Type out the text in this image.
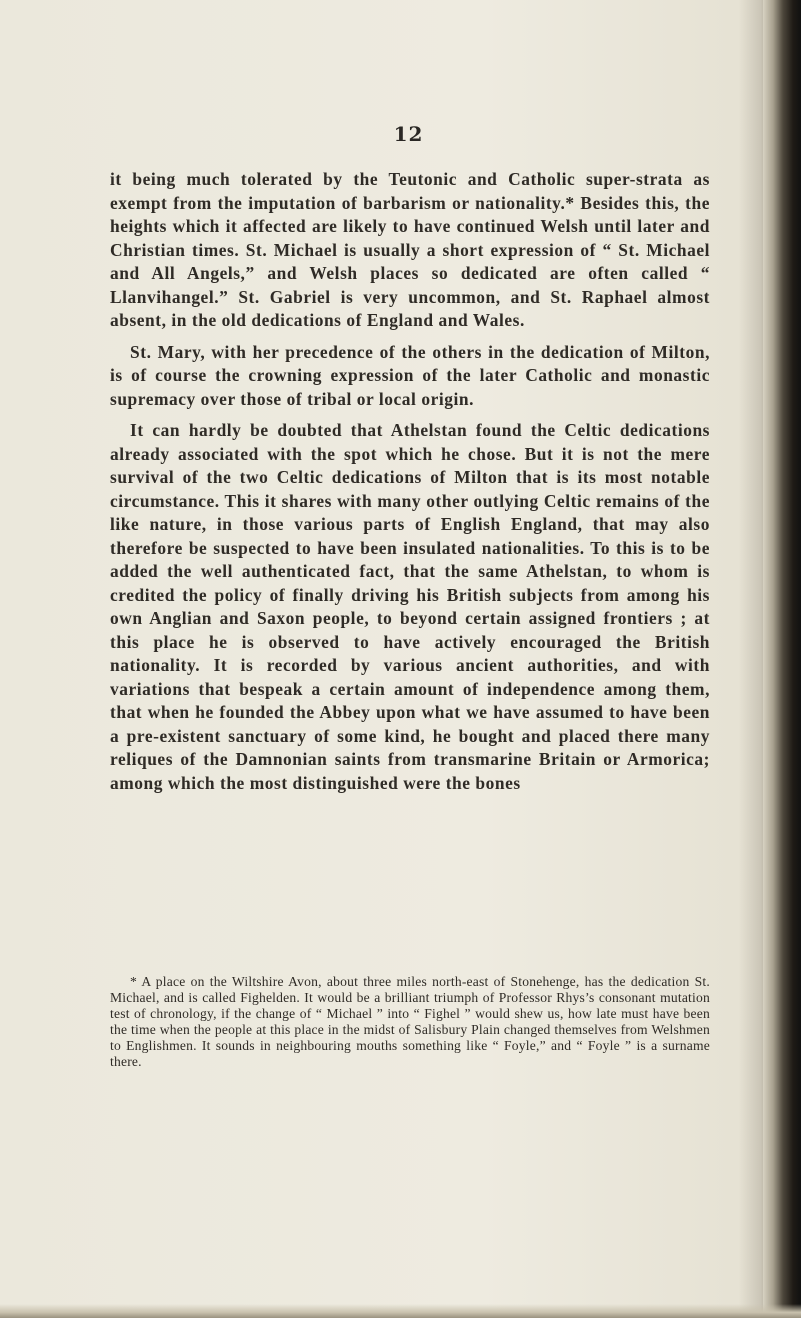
12

it being much tolerated by the Teutonic and Catholic super-strata as exempt from the imputation of barbarism or nationality.* Besides this, the heights which it affected are likely to have continued Welsh until later and Christian times. St. Michael is usually a short expression of “ St. Michael and All Angels,” and Welsh places so dedicated are often called “ Llanvihangel.” St. Gabriel is very uncommon, and St. Raphael almost absent, in the old dedications of England and Wales.

St. Mary, with her precedence of the others in the dedication of Milton, is of course the crowning expression of the later Catholic and monastic supremacy over those of tribal or local origin.

It can hardly be doubted that Athelstan found the Celtic dedications already associated with the spot which he chose. But it is not the mere survival of the two Celtic dedications of Milton that is its most notable circumstance. This it shares with many other outlying Celtic remains of the like nature, in those various parts of English England, that may also therefore be suspected to have been insulated nationalities. To this is to be added the well authenticated fact, that the same Athelstan, to whom is credited the policy of finally driving his British subjects from among his own Anglian and Saxon people, to beyond certain assigned frontiers ; at this place he is observed to have actively encouraged the British nationality. It is recorded by various ancient authorities, and with variations that bespeak a certain amount of independence among them, that when he founded the Abbey upon what we have assumed to have been a pre-existent sanctuary of some kind, he bought and placed there many reliques of the Damnonian saints from transmarine Britain or Armorica; among which the most distinguished were the bones

* A place on the Wiltshire Avon, about three miles north-east of Stonehenge, has the dedication St. Michael, and is called Fighelden. It would be a brilliant triumph of Professor Rhys’s consonant mutation test of chronology, if the change of “ Michael ” into “ Fighel ” would shew us, how late must have been the time when the people at this place in the midst of Salisbury Plain changed themselves from Welshmen to Englishmen. It sounds in neighbouring mouths something like “ Foyle,” and “ Foyle ” is a surname there.
